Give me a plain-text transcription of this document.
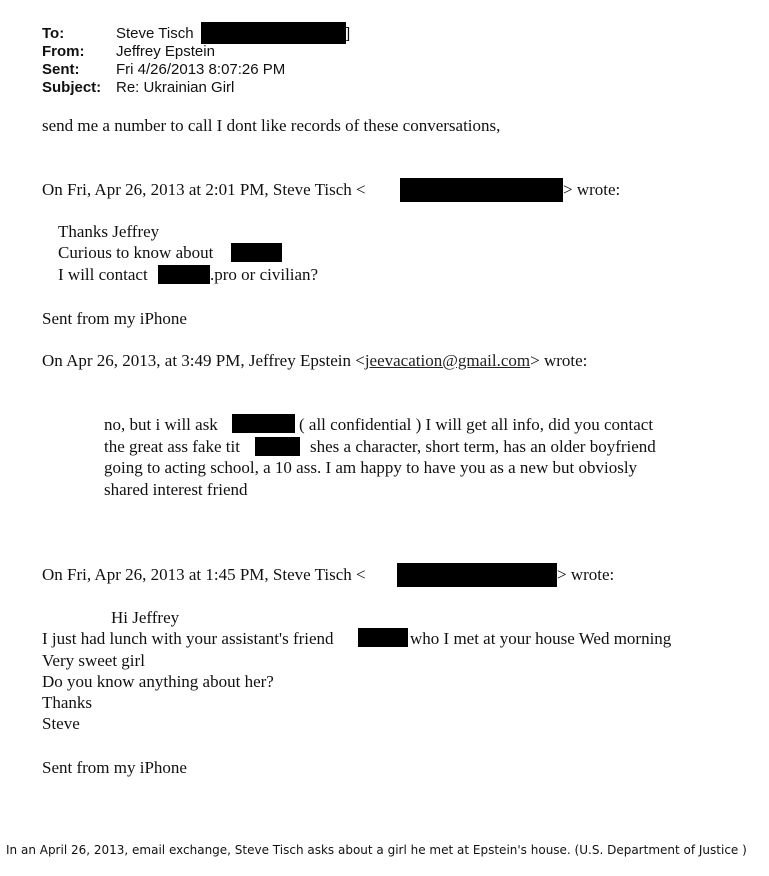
To:	Steve Tisch	]
From: Jeffrey Epstein
Sent: Fri 4/26/2013 8:07:26 PM
Subject: Re: Ukrainian Girl
send me a number to call I dont like records of these conversations,
On Fri, Apr 26, 2013 at 2:01 PM, Steve Tisch <	> wrote:
Thanks Jeffrey
Curious to know about
I will contact	.pro or civilian?
Sent from my iPhone
On Apr 26, 2013, at 3:49 PM, Jeffrey Epstein <jeevacation@gmail.com> wrote:
no, but i will ask	( all confidential ) I will get all info, did you contact
the great ass fake tit	shes a character, short term, has an older boyfriend
going to acting school, a 10 ass. I am happy to have you as a new but obviosly
shared interest friend
On Fri, Apr 26, 2013 at 1:45 PM, Steve Tisch <	> wrote:
Hi Jeffrey
I just had lunch with your assistant's friend	who I met at your house Wed morning
Very sweet girl
Do you know anything about her?
Thanks
Steve
Sent from my iPhone
In an April 26, 2013, email exchange, Steve Tisch asks about a girl he met at Epstein's house. (U.S. Department of Justice )
